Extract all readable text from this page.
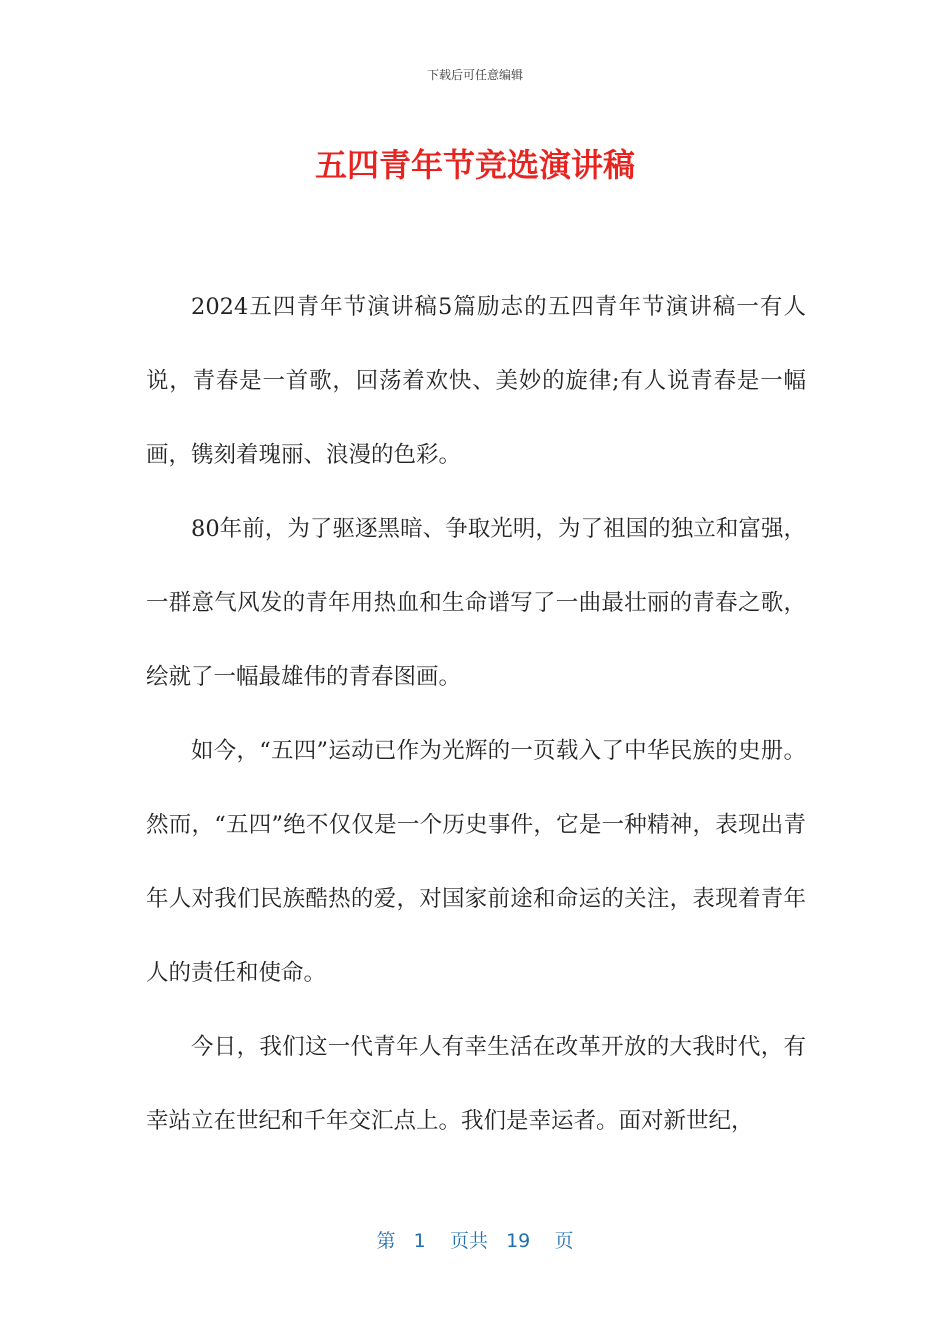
下载后可任意编辑
五四青年节竞选演讲稿

2024五四青年节演讲稿5篇励志的五四青年节演讲稿一有人说，青春是一首歌，回荡着欢快、美妙的旋律;有人说青春是一幅画，镌刻着瑰丽、浪漫的色彩。

80年前，为了驱逐黑暗、争取光明，为了祖国的独立和富强，一群意气风发的青年用热血和生命谱写了一曲最壮丽的青春之歌，绘就了一幅最雄伟的青春图画。

如今，“五四”运动已作为光辉的一页载入了中华民族的史册。然而，“五四”绝不仅仅是一个历史事件，它是一种精神，表现出青年人对我们民族酷热的爱，对国家前途和命运的关注，表现着青年人的责任和使命。

今日，我们这一代青年人有幸生活在改革开放的大我时代，有幸站立在世纪和千年交汇点上。我们是幸运者。面对新世纪，

第 1 页共 19 页
